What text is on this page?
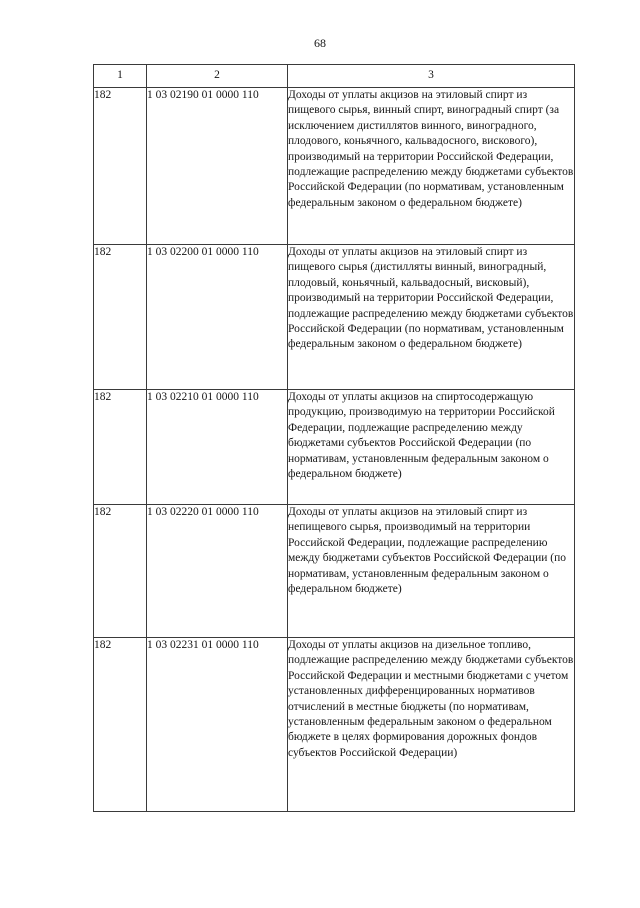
68
1	2	3
182	1 03 02190 01 0000 110	Доходы от уплаты акцизов на этиловый спирт из пищевого сырья, винный спирт, виноградный спирт (за исключением дистиллятов винного, виноградного, плодового, коньячного, кальвадосного, вискового), производимый на территории Российской Федерации, подлежащие распределению между бюджетами субъектов Российской Федерации (по нормативам, установленным федеральным законом о федеральном бюджете)

182	1 03 02200 01 0000 110	Доходы от уплаты акцизов на этиловый спирт из пищевого сырья (дистилляты винный, виноградный, плодовый, коньячный, кальвадосный, висковый), производимый на территории Российской Федерации, подлежащие распределению между бюджетами субъектов Российской Федерации (по нормативам, установленным федеральным законом о федеральном бюджете)

182	1 03 02210 01 0000 110	Доходы от уплаты акцизов на спиртосодержащую продукцию, производимую на территории Российской Федерации, подлежащие распределению между бюджетами субъектов Российской Федерации (по нормативам, установленным федеральным законом о федеральном бюджете)

182	1 03 02220 01 0000 110	Доходы от уплаты акцизов на этиловый спирт из непищевого сырья, производимый на территории Российской Федерации, подлежащие распределению между бюджетами субъектов Российской Федерации (по нормативам, установленным федеральным законом о федеральном бюджете)

182	1 03 02231 01 0000 110	Доходы от уплаты акцизов на дизельное топливо, подлежащие распределению между бюджетами субъектов Российской Федерации и местными бюджетами с учетом установленных дифференцированных нормативов отчислений в местные бюджеты (по нормативам, установленным федеральным законом о федеральном бюджете в целях формирования дорожных фондов субъектов Российской Федерации)
